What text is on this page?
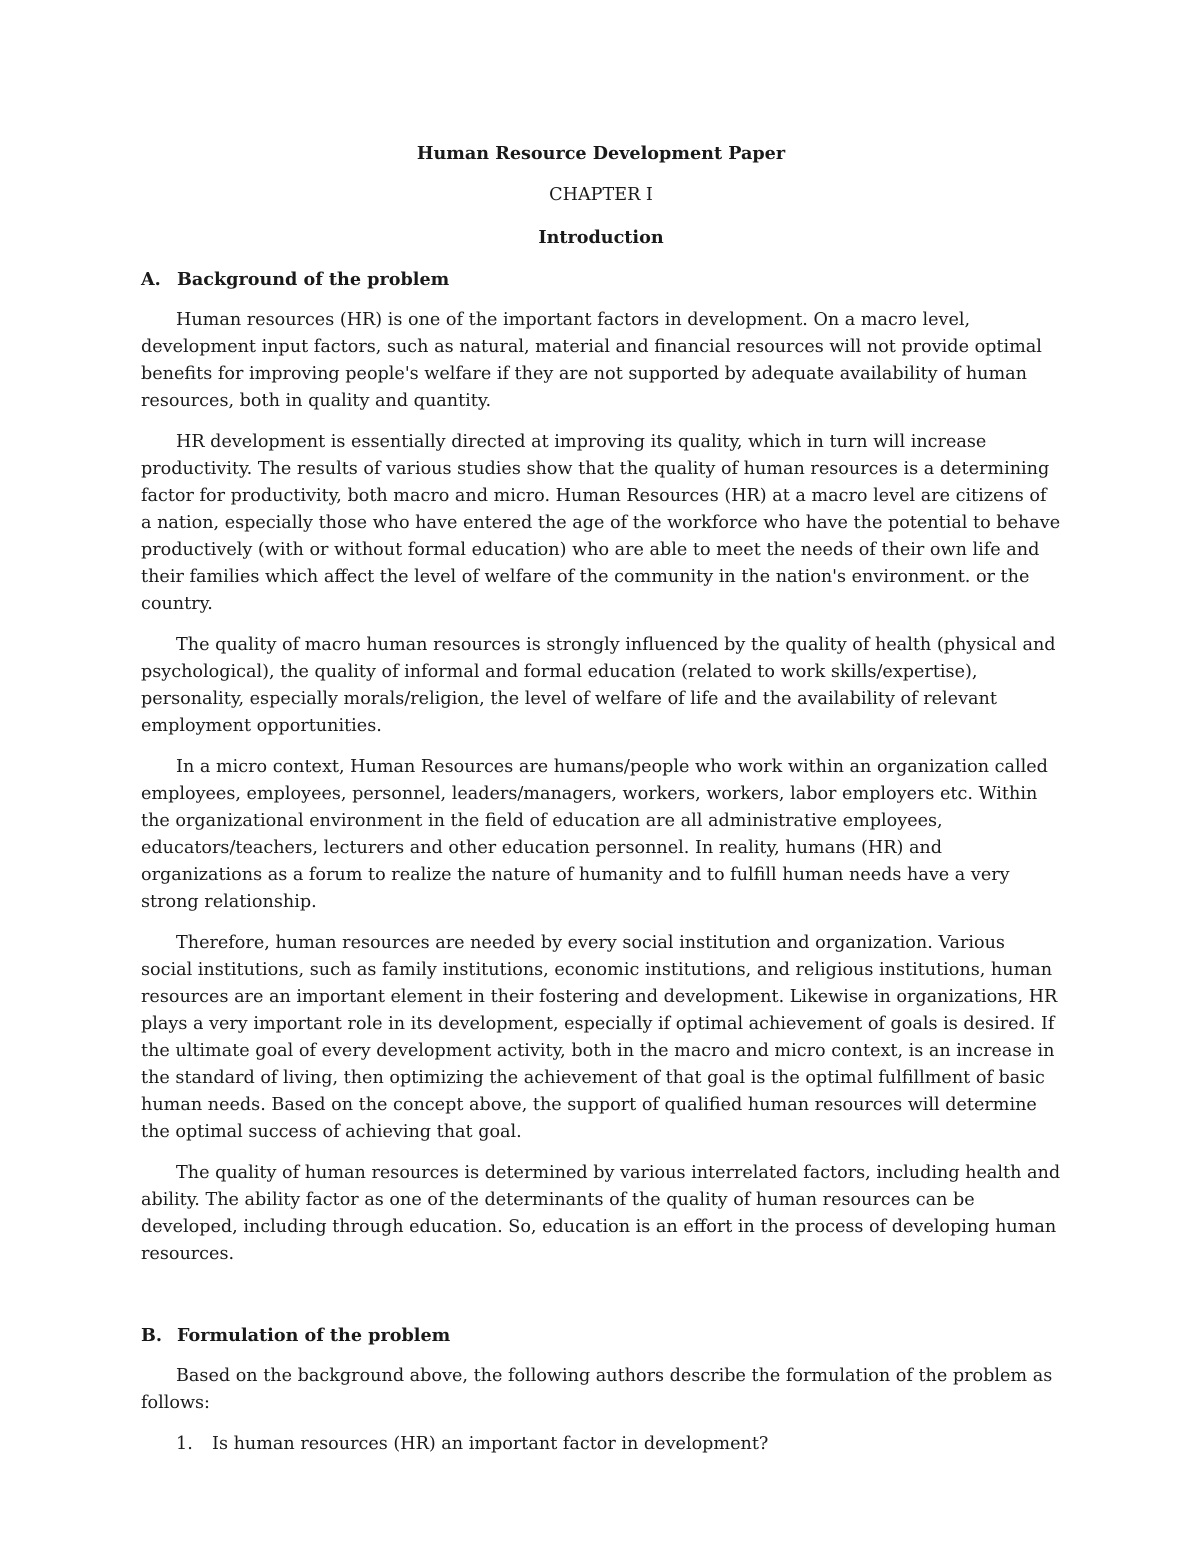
Human Resource Development Paper

CHAPTER I

Introduction

A. Background of the problem

Human resources (HR) is one of the important factors in development. On a macro level, development input factors, such as natural, material and financial resources will not provide optimal benefits for improving people's welfare if they are not supported by adequate availability of human resources, both in quality and quantity.

HR development is essentially directed at improving its quality, which in turn will increase productivity. The results of various studies show that the quality of human resources is a determining factor for productivity, both macro and micro. Human Resources (HR) at a macro level are citizens of a nation, especially those who have entered the age of the workforce who have the potential to behave productively (with or without formal education) who are able to meet the needs of their own life and their families which affect the level of welfare of the community in the nation's environment. or the country.

The quality of macro human resources is strongly influenced by the quality of health (physical and psychological), the quality of informal and formal education (related to work skills/expertise), personality, especially morals/religion, the level of welfare of life and the availability of relevant employment opportunities.

In a micro context, Human Resources are humans/people who work within an organization called employees, employees, personnel, leaders/managers, workers, workers, labor employers etc. Within the organizational environment in the field of education are all administrative employees, educators/teachers, lecturers and other education personnel. In reality, humans (HR) and organizations as a forum to realize the nature of humanity and to fulfill human needs have a very strong relationship.

Therefore, human resources are needed by every social institution and organization. Various social institutions, such as family institutions, economic institutions, and religious institutions, human resources are an important element in their fostering and development. Likewise in organizations, HR plays a very important role in its development, especially if optimal achievement of goals is desired. If the ultimate goal of every development activity, both in the macro and micro context, is an increase in the standard of living, then optimizing the achievement of that goal is the optimal fulfillment of basic human needs. Based on the concept above, the support of qualified human resources will determine the optimal success of achieving that goal.

The quality of human resources is determined by various interrelated factors, including health and ability. The ability factor as one of the determinants of the quality of human resources can be developed, including through education. So, education is an effort in the process of developing human resources.

B. Formulation of the problem

Based on the background above, the following authors describe the formulation of the problem as follows:

1.	Is human resources (HR) an important factor in development?
